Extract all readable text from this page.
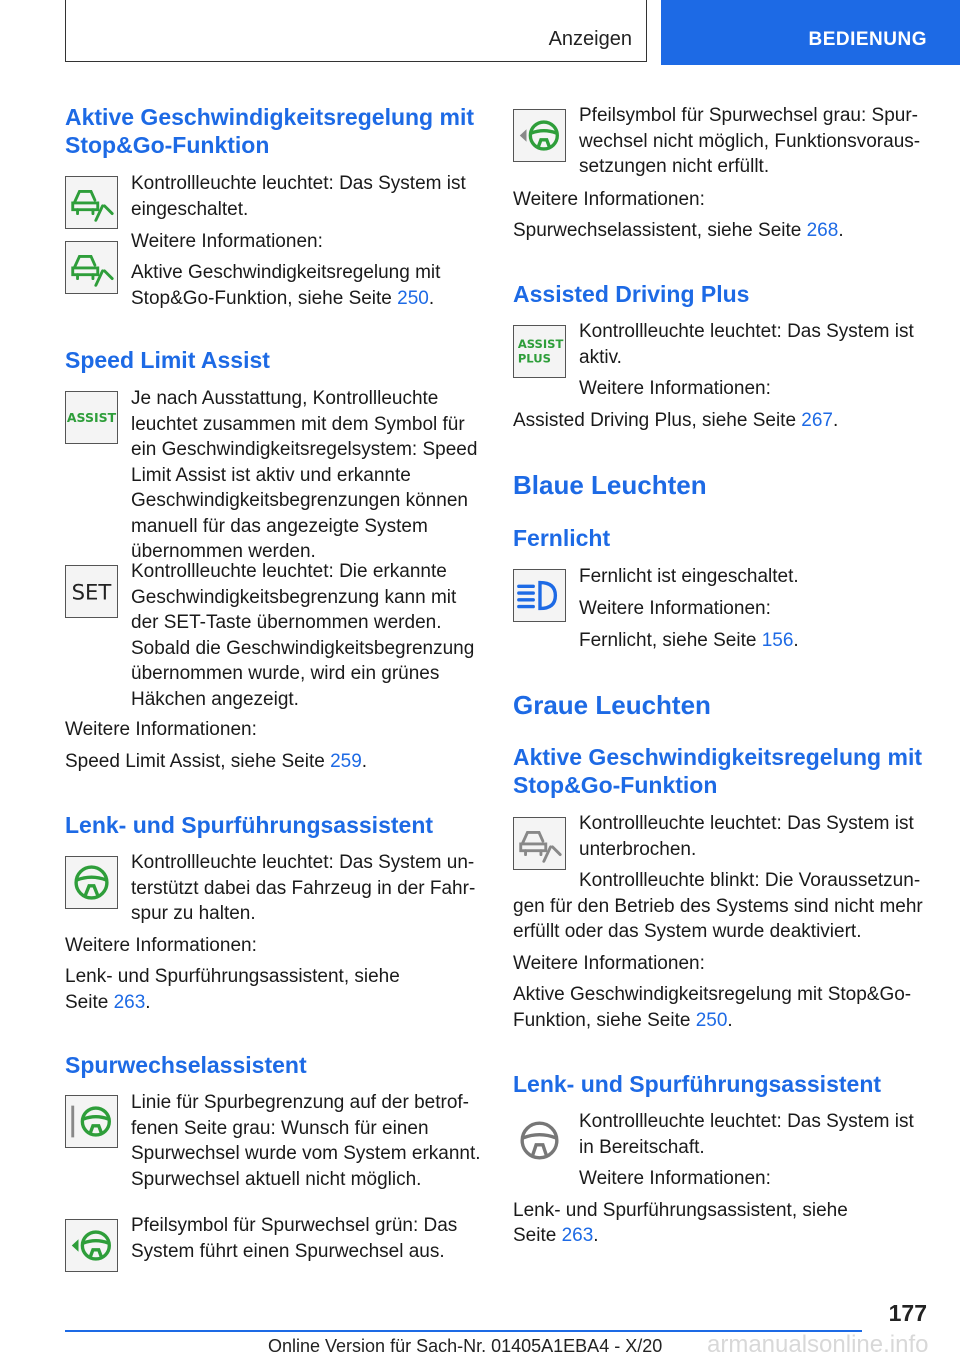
Anzeigen	BEDIENUNG
Aktive Geschwindigkeitsregelung mit Stop&Go-Funktion
Kontrollleuchte leuchtet: Das System ist eingeschaltet.
Weitere Informationen:
Aktive Geschwindigkeitsregelung mit Stop&Go-Funktion, siehe Seite 250.
Speed Limit Assist
ASSIST
Je nach Ausstattung, Kontrollleuchte leuchtet zusammen mit dem Symbol für ein Geschwindigkeitsregelsystem: Speed Limit Assist ist aktiv und erkannte Geschwindigkeitsbegrenzungen können manuell für das angezeigte System übernommen werden.
SET
Kontrollleuchte leuchtet: Die erkannte Geschwindigkeitsbegrenzung kann mit der SET-Taste übernommen werden. Sobald die Geschwindigkeitsbegrenzung übernommen wurde, wird ein grünes Häkchen angezeigt.
Weitere Informationen:
Speed Limit Assist, siehe Seite 259.
Lenk- und Spurführungsassistent
Kontrollleuchte leuchtet: Das System unterstützt dabei das Fahrzeug in der Fahrspur zu halten.
Weitere Informationen:
Lenk- und Spurführungsassistent, siehe
Seite 263.
Spurwechselassistent
Linie für Spurbegrenzung auf der betroffenen Seite grau: Wunsch für einen Spurwechsel wurde vom System erkannt. Spurwechsel aktuell nicht möglich.
Pfeilsymbol für Spurwechsel grün: Das System führt einen Spurwechsel aus.
Pfeilsymbol für Spurwechsel grau: Spurwechsel nicht möglich, Funktionsvoraussetzungen nicht erfüllt.
Weitere Informationen:
Spurwechselassistent, siehe Seite 268.
Assisted Driving Plus
ASSIST
PLUS
Kontrollleuchte leuchtet: Das System ist aktiv.
Weitere Informationen:
Assisted Driving Plus, siehe Seite 267.
Blaue Leuchten
Fernlicht
Fernlicht ist eingeschaltet.
Weitere Informationen:
Fernlicht, siehe Seite 156.
Graue Leuchten
Aktive Geschwindigkeitsregelung mit Stop&Go-Funktion
Kontrollleuchte leuchtet: Das System ist unterbrochen.
Kontrollleuchte blinkt: Die Voraussetzungen für den Betrieb des Systems sind nicht mehr erfüllt oder das System wurde deaktiviert.
Weitere Informationen:
Aktive Geschwindigkeitsregelung mit Stop&Go-Funktion, siehe Seite 250.
Lenk- und Spurführungsassistent
Kontrollleuchte leuchtet: Das System ist in Bereitschaft.
Weitere Informationen:
Lenk- und Spurführungsassistent, siehe
Seite 263.
177
armanualsonline.info
Online Version für Sach-Nr. 01405A1EBA4 - X/20
